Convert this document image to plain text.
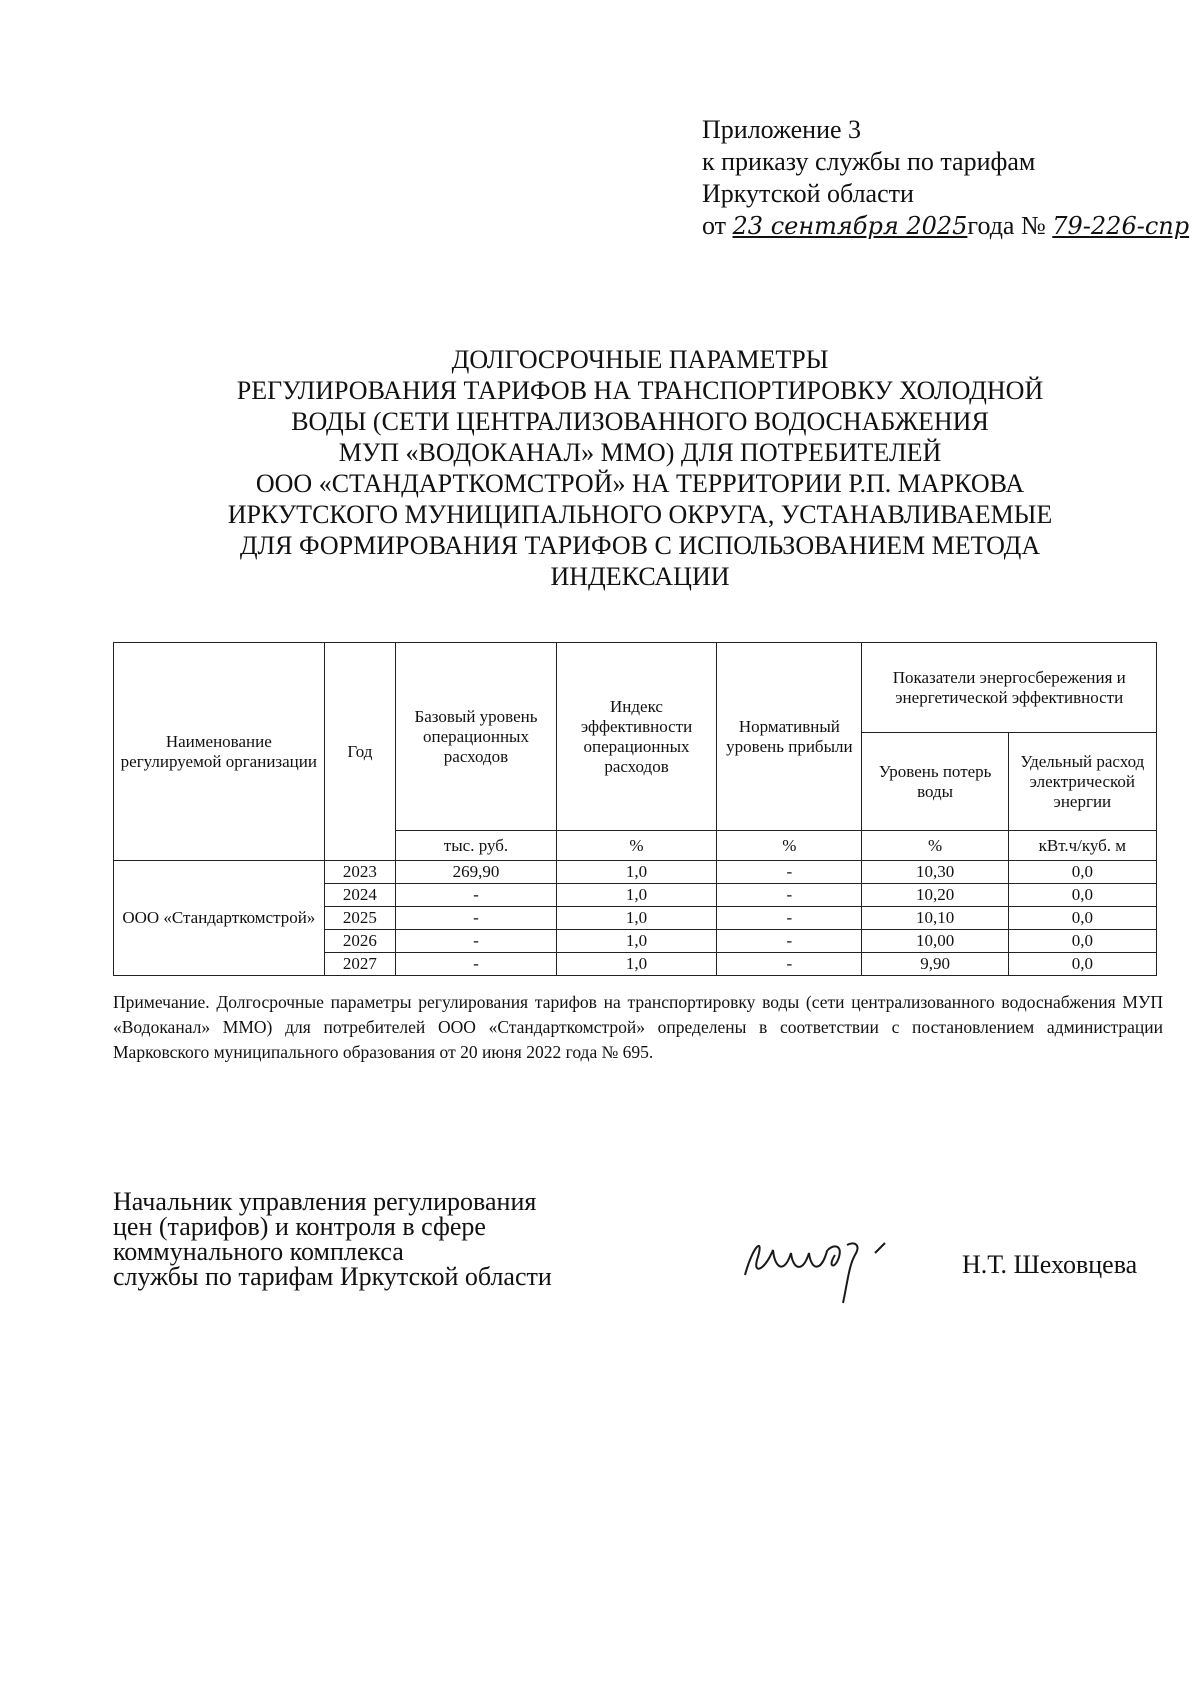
Приложение 3
к приказу службы по тарифам
Иркутской области
от 23 сентября 2025года № 79-226-спр
ДОЛГОСРОЧНЫЕ ПАРАМЕТРЫ
РЕГУЛИРОВАНИЯ ТАРИФОВ НА ТРАНСПОРТИРОВКУ ХОЛОДНОЙ
ВОДЫ (СЕТИ ЦЕНТРАЛИЗОВАННОГО ВОДОСНАБЖЕНИЯ
МУП «ВОДОКАНАЛ» ММО) ДЛЯ ПОТРЕБИТЕЛЕЙ
ООО «СТАНДАРТКОМСТРОЙ» НА ТЕРРИТОРИИ Р.П. МАРКОВА
ИРКУТСКОГО МУНИЦИПАЛЬНОГО ОКРУГА, УСТАНАВЛИВАЕМЫЕ
ДЛЯ ФОРМИРОВАНИЯ ТАРИФОВ С ИСПОЛЬЗОВАНИЕМ МЕТОДА
ИНДЕКСАЦИИ
Наименование регулируемой организации	Год	Базовый уровень операционных расходов	Индекс эффективности операционных расходов	Нормативный уровень прибыли	Показатели энергосбережения и энергетической эффективности	
					Уровень потерь воды	Удельный расход электрической энергии
		тыс. руб.	%	%	%	кВт.ч/куб. м
ООО «Стандарткомстрой»	2023	269,90	1,0	-	10,30	0,0
	2024	-	1,0	-	10,20	0,0
	2025	-	1,0	-	10,10	0,0
	2026	-	1,0	-	10,00	0,0
	2027	-	1,0	-	9,90	0,0
Примечание. Долгосрочные параметры регулирования тарифов на транспортировку воды (сети централизованного водоснабжения МУП «Водоканал» ММО) для потребителей ООО «Стандарткомстрой» определены в соответствии с постановлением администрации Марковского муниципального образования от 20 июня 2022 года № 695.
Начальник управления регулирования
цен (тарифов) и контроля в сфере
коммунального комплекса
службы по тарифам Иркутской области	Н.Т. Шеховцева
